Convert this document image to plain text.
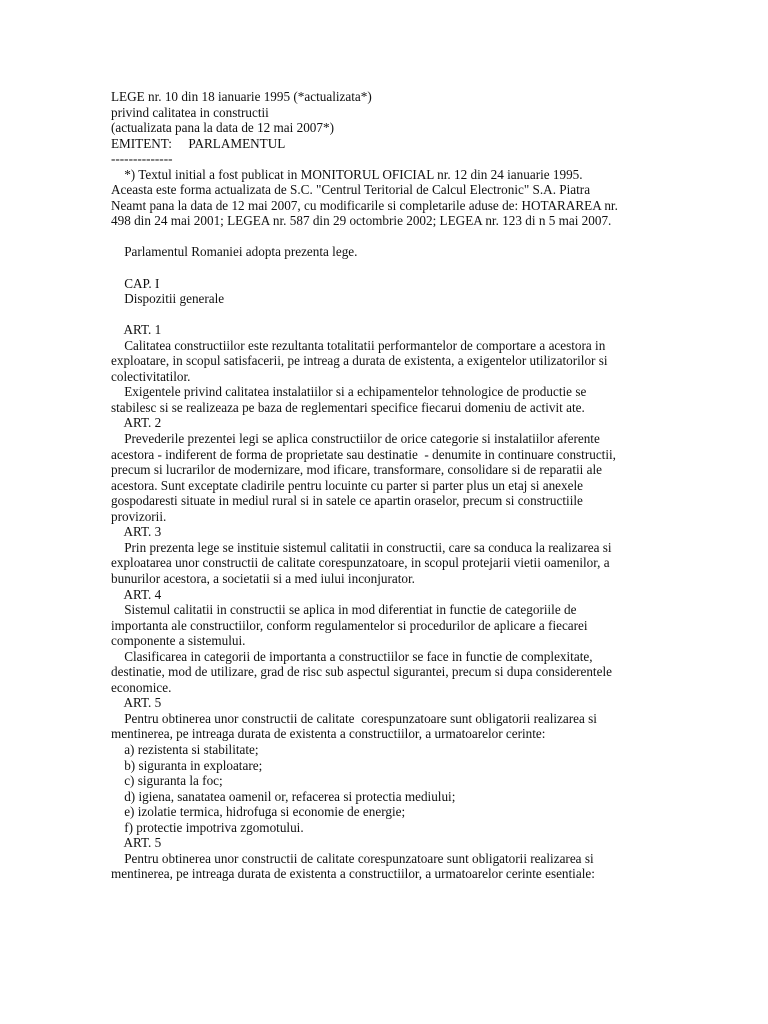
LEGE nr. 10 din 18 ianuarie 1995 (*actualizata*)
privind calitatea in constructii
(actualizata pana la data de 12 mai 2007*)
EMITENT:     PARLAMENTUL
--------------
*) Textul initial a fost publicat in MONITORUL OFICIAL nr. 12 din 24 ianuarie 1995.
Aceasta este forma actualizata de S.C. "Centrul Teritorial de Calcul Electronic" S.A. Piatra
Neamt pana la data de 12 mai 2007, cu modificarile si completarile aduse de: HOTARAREA nr.
498 din 24 mai 2001; LEGEA nr. 587 din 29 octombrie 2002; LEGEA nr. 123 di n 5 mai 2007.
Parlamentul Romaniei adopta prezenta lege.
CAP. I
Dispozitii generale
ART. 1
Calitatea constructiilor este rezultanta totalitatii performantelor de comportare a acestora in
exploatare, in scopul satisfacerii, pe intreag a durata de existenta, a exigentelor utilizatorilor si
colectivitatilor.
Exigentele privind calitatea instalatiilor si a echipamentelor tehnologice de productie se
stabilesc si se realizeaza pe baza de reglementari specifice fiecarui domeniu de activit ate.
ART. 2
Prevederile prezentei legi se aplica constructiilor de orice categorie si instalatiilor aferente
acestora - indiferent de forma de proprietate sau destinatie  - denumite in continuare constructii,
precum si lucrarilor de modernizare, mod ificare, transformare, consolidare si de reparatii ale
acestora. Sunt exceptate cladirile pentru locuinte cu parter si parter plus un etaj si anexele
gospodaresti situate in mediul rural si in satele ce apartin oraselor, precum si constructiile
provizorii.
ART. 3
Prin prezenta lege se instituie sistemul calitatii in constructii, care sa conduca la realizarea si
exploatarea unor constructii de calitate corespunzatoare, in scopul protejarii vietii oamenilor, a
bunurilor acestora, a societatii si a med iului inconjurator.
ART. 4
Sistemul calitatii in constructii se aplica in mod diferentiat in functie de categoriile de
importanta ale constructiilor, conform regulamentelor si procedurilor de aplicare a fiecarei
componente a sistemului.
Clasificarea in categorii de importanta a constructiilor se face in functie de complexitate,
destinatie, mod de utilizare, grad de risc sub aspectul sigurantei, precum si dupa considerentele
economice.
ART. 5
Pentru obtinerea unor constructii de calitate  corespunzatoare sunt obligatorii realizarea si
mentinerea, pe intreaga durata de existenta a constructiilor, a urmatoarelor cerinte:
a) rezistenta si stabilitate;
b) siguranta in exploatare;
c) siguranta la foc;
d) igiena, sanatatea oamenil or, refacerea si protectia mediului;
e) izolatie termica, hidrofuga si economie de energie;
f) protectie impotriva zgomotului.
ART. 5
Pentru obtinerea unor constructii de calitate corespunzatoare sunt obligatorii realizarea si
mentinerea, pe intreaga durata de existenta a constructiilor, a urmatoarelor cerinte esentiale:
